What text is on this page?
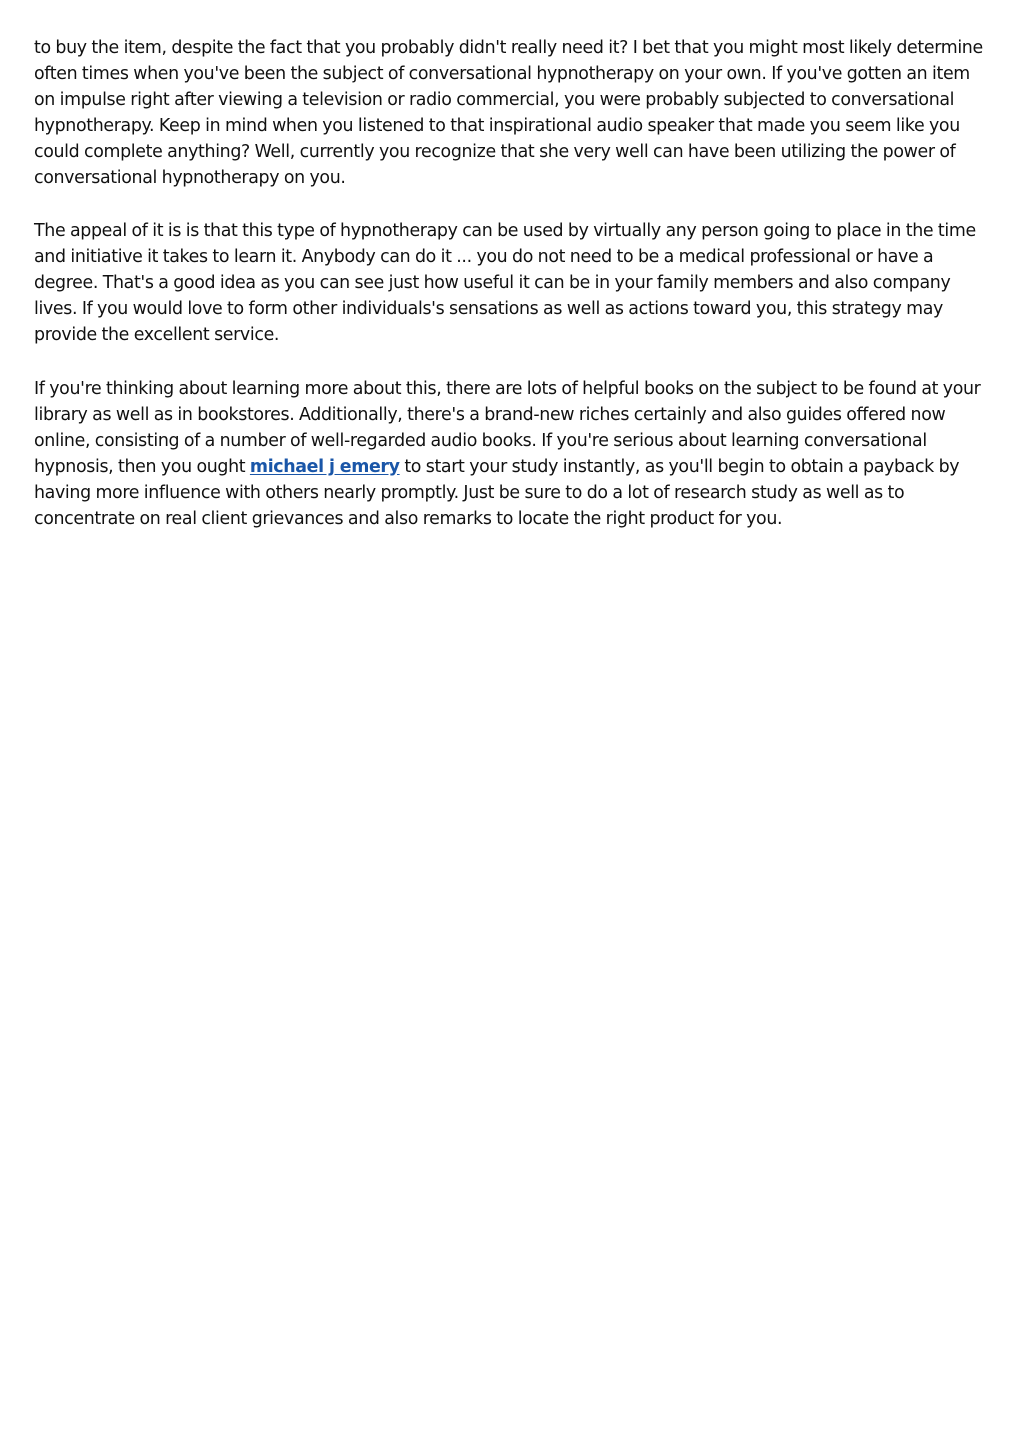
to buy the item, despite the fact that you probably didn't really need it? I bet that you might most likely determine often times when you've been the subject of conversational hypnotherapy on your own. If you've gotten an item on impulse right after viewing a television or radio commercial, you were probably subjected to conversational hypnotherapy. Keep in mind when you listened to that inspirational audio speaker that made you seem like you could complete anything? Well, currently you recognize that she very well can have been utilizing the power of conversational hypnotherapy on you.

The appeal of it is is that this type of hypnotherapy can be used by virtually any person going to place in the time and initiative it takes to learn it. Anybody can do it ... you do not need to be a medical professional or have a degree. That's a good idea as you can see just how useful it can be in your family members and also company lives. If you would love to form other individuals's sensations as well as actions toward you, this strategy may provide the excellent service.

If you're thinking about learning more about this, there are lots of helpful books on the subject to be found at your library as well as in bookstores. Additionally, there's a brand-new riches certainly and also guides offered now online, consisting of a number of well-regarded audio books. If you're serious about learning conversational hypnosis, then you ought michael j emery to start your study instantly, as you'll begin to obtain a payback by having more influence with others nearly promptly. Just be sure to do a lot of research study as well as to concentrate on real client grievances and also remarks to locate the right product for you.
